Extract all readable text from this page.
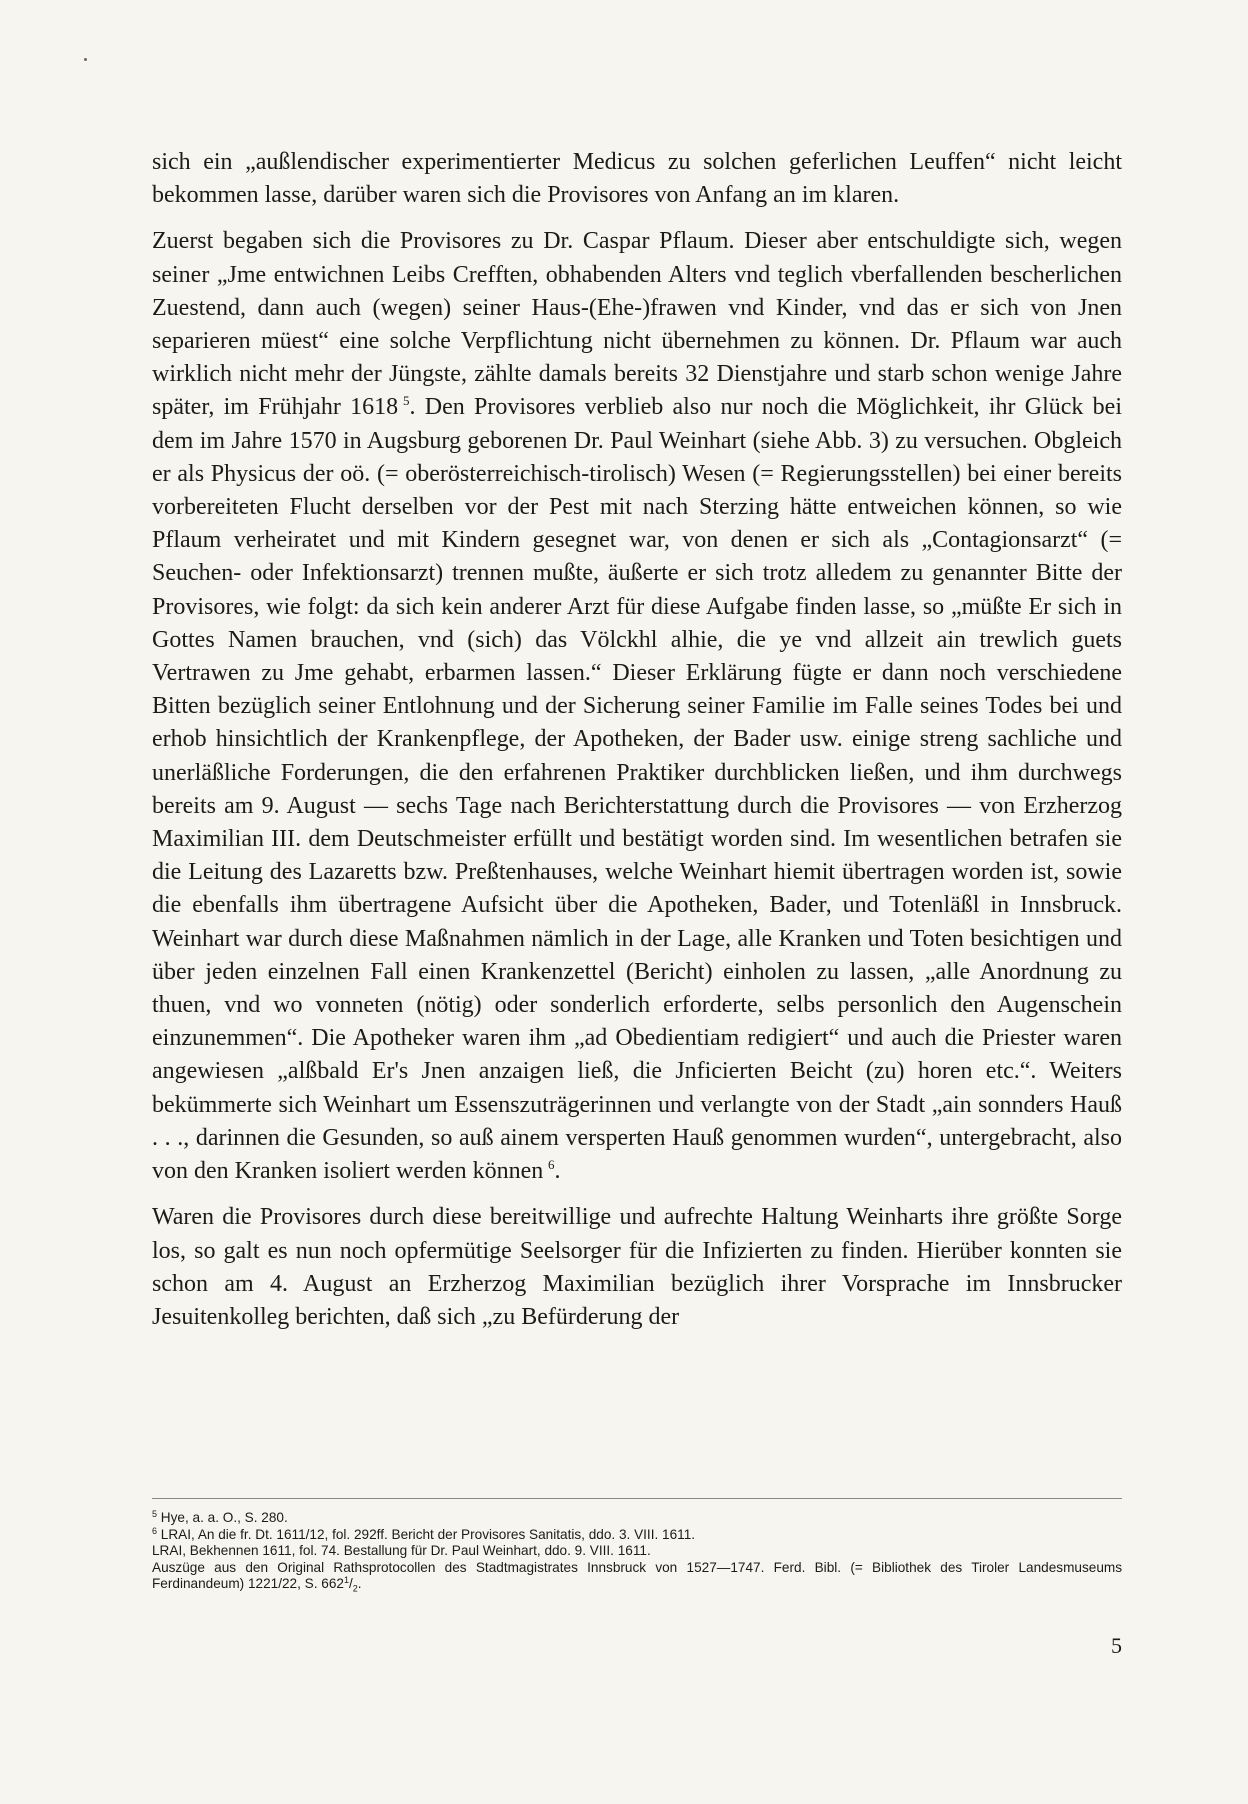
sich ein „außlendischer experimentierter Medicus zu solchen geferlichen Leuffen“ nicht leicht bekommen lasse, darüber waren sich die Provisores von Anfang an im klaren.

Zuerst begaben sich die Provisores zu Dr. Caspar Pflaum. Dieser aber entschuldigte sich, wegen seiner „Jme entwichnen Leibs Crefften, obhabenden Alters vnd teglich vberfallenden bescherlichen Zuestend, dann auch (wegen) seiner Haus-(Ehe-)frawen vnd Kinder, vnd das er sich von Jnen separieren müest“ eine solche Verpflichtung nicht übernehmen zu können. Dr. Pflaum war auch wirklich nicht mehr der Jüngste, zählte damals bereits 32 Dienstjahre und starb schon wenige Jahre später, im Frühjahr 1618  $^5$. Den Provisores verblieb also nur noch die Möglichkeit, ihr Glück bei dem im Jahre 1570 in Augsburg geborenen Dr. Paul Weinhart (siehe Abb. 3) zu versuchen. Obgleich er als Physicus der oö. (= oberösterreichisch-tirolisch) Wesen (= Regierungsstellen) bei einer bereits vorbereiteten Flucht derselben vor der Pest mit nach Sterzing hätte entweichen können, so wie Pflaum verheiratet und mit Kindern gesegnet war, von denen er sich als „Contagionsarzt“ (= Seuchen- oder Infektionsarzt) trennen mußte, äußerte er sich trotz alledem zu genannter Bitte der Provisores, wie folgt: da sich kein anderer Arzt für diese Aufgabe finden lasse, so „müßte Er sich in Gottes Namen brauchen, vnd (sich) das Völckhl alhie, die ye vnd allzeit ain trewlich guets Vertrawen zu Jme gehabt, erbarmen lassen.“ Dieser Erklärung fügte er dann noch verschiedene Bitten bezüglich seiner Entlohnung und der Sicherung seiner Familie im Falle seines Todes bei und erhob hinsichtlich der Krankenpflege, der Apotheken, der Bader usw. einige streng sachliche und unerläßliche Forderungen, die den erfahrenen Praktiker durchblicken ließen, und ihm durchwegs bereits am 9. August — sechs Tage nach Berichterstattung durch die Provisores — von Erzherzog Maximilian III. dem Deutschmeister erfüllt und bestätigt worden sind. Im wesentlichen betrafen sie die Leitung des Lazaretts bzw. Preßtenhauses, welche Weinhart hiemit übertragen worden ist, sowie die ebenfalls ihm übertragene Aufsicht über die Apotheken, Bader, und Totenläßl in Innsbruck. Weinhart war durch diese Maßnahmen nämlich in der Lage, alle Kranken und Toten besichtigen und über jeden einzelnen Fall einen Krankenzettel (Bericht) einholen zu lassen, „alle Anordnung zu thuen, vnd wo vonneten (nötig) oder sonderlich erforderte, selbs personlich den Augenschein einzunemmen“. Die Apotheker waren ihm „ad Obedientiam redigiert“ und auch die Priester waren angewiesen „alßbald Er's Jnen anzaigen ließ, die Jnficierten Beicht (zu) horen etc.“. Weiters bekümmerte sich Weinhart um Essenszuträgerinnen und verlangte von der Stadt „ain sonnders Hauß . . ., darinnen die Gesunden, so auß ainem versperten Hauß genommen wurden“, untergebracht, also von den Kranken isoliert werden können  $^6$.

Waren die Provisores durch diese bereitwillige und aufrechte Haltung Weinharts ihre größte Sorge los, so galt es nun noch opfermütige Seelsorger für die Infizierten zu finden. Hierüber konnten sie schon am 4. August an Erzherzog Maximilian bezüglich ihrer Vorsprache im Innsbrucker Jesuitenkolleg berichten, daß sich „zu Befürderung der

$^5$ Hye, a. a. O., S. 280.

$^6$ LRAI, An die fr. Dt. 1611/12, fol. 292ff. Bericht der Provisores Sanitatis, ddo. 3. VIII. 1611.

LRAI, Bekhennen 1611, fol. 74. Bestallung für Dr. Paul Weinhart, ddo. 9. VIII. 1611.

Auszüge aus den Original Rathsprotocollen des Stadtmagistrates Innsbruck von 1527—1747. Ferd. Bibl. (= Bibliothek des Tiroler Landesmuseums Ferdinandeum) 1221/22, S. $662^1/_2$.

5
